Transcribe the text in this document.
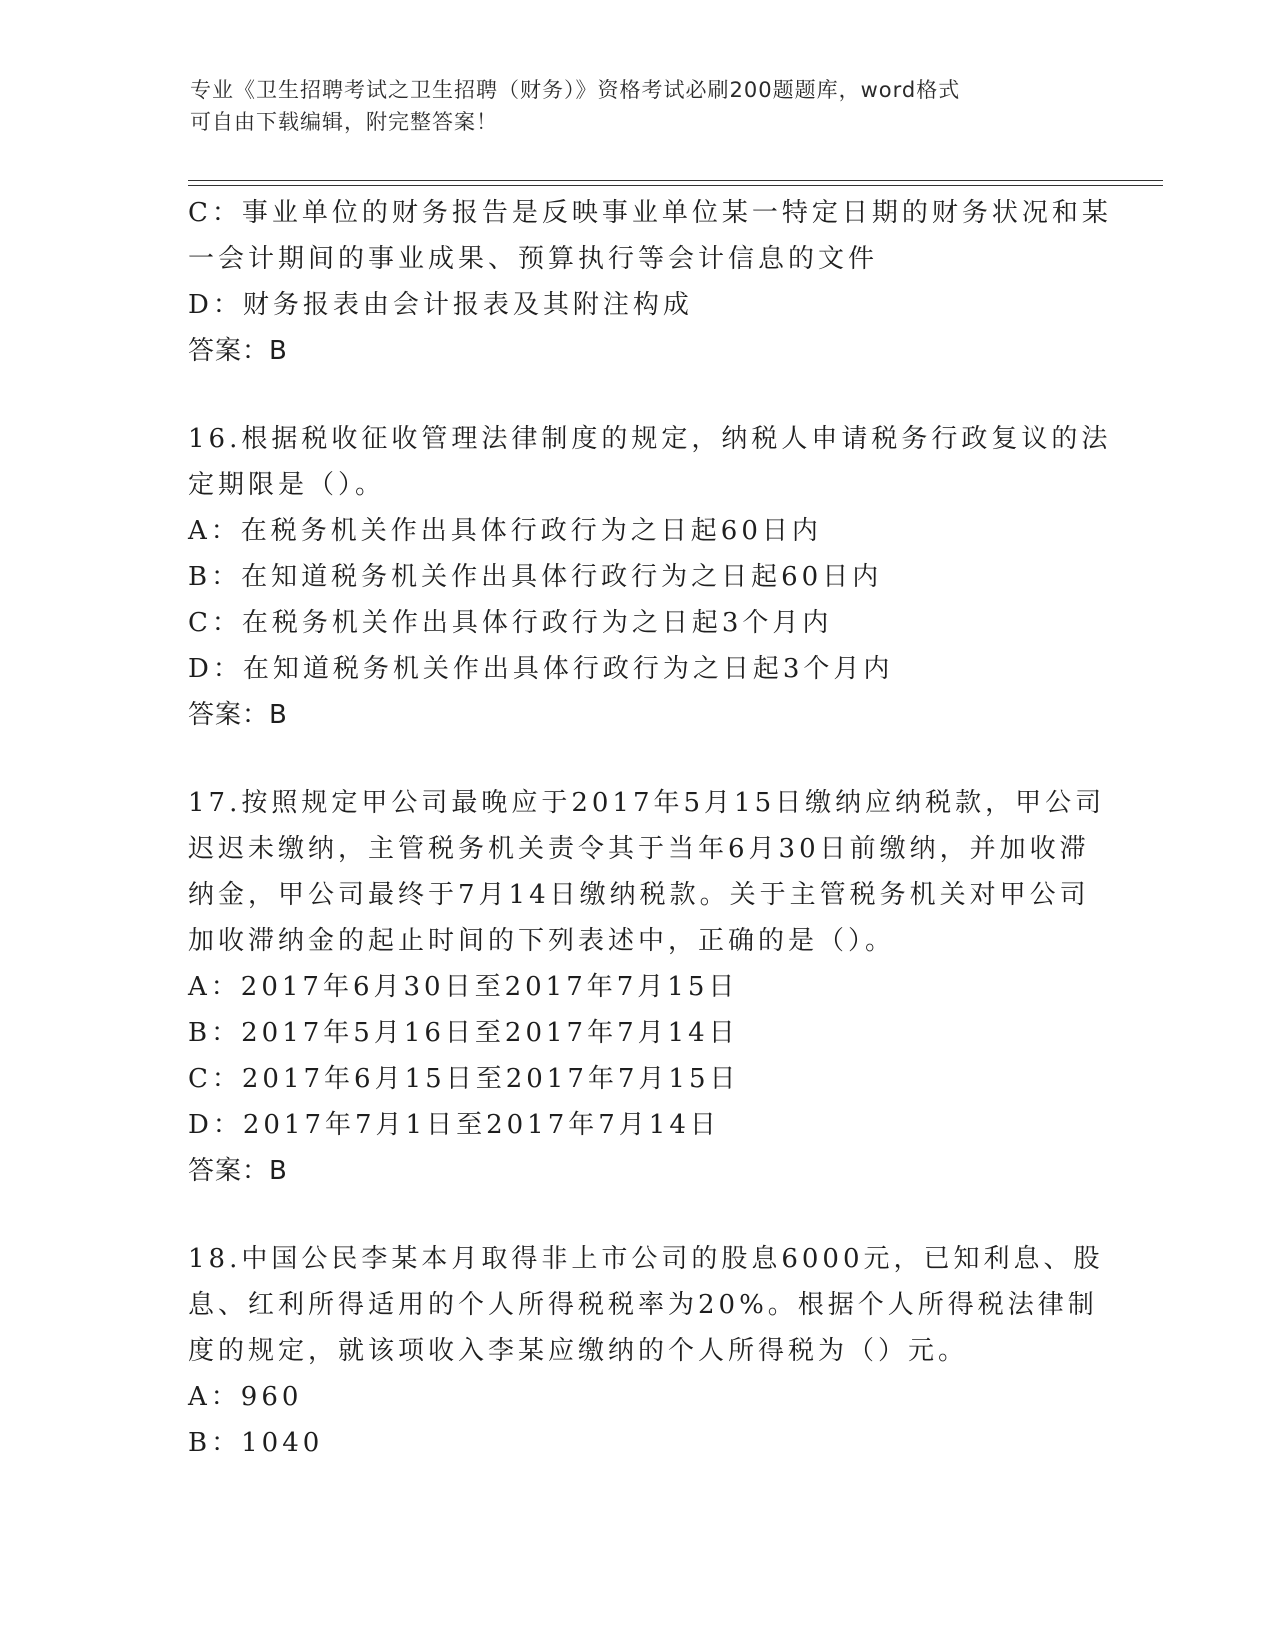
专业《卫生招聘考试之卫生招聘（财务）》资格考试必刷200题题库，word格式
可自由下载编辑，附完整答案！

C：事业单位的财务报告是反映事业单位某一特定日期的财务状况和某

一会计期间的事业成果、预算执行等会计信息的文件

D：财务报表由会计报表及其附注构成

答案：B

16.根据税收征收管理法律制度的规定，纳税人申请税务行政复议的法

定期限是（）。

A：在税务机关作出具体行政行为之日起60日内

B：在知道税务机关作出具体行政行为之日起60日内

C：在税务机关作出具体行政行为之日起3个月内

D：在知道税务机关作出具体行政行为之日起3个月内

答案：B

17.按照规定甲公司最晚应于2017年5月15日缴纳应纳税款，甲公司

迟迟未缴纳，主管税务机关责令其于当年6月30日前缴纳，并加收滞

纳金，甲公司最终于7月14日缴纳税款。关于主管税务机关对甲公司

加收滞纳金的起止时间的下列表述中，正确的是（）。

A：2017年6月30日至2017年7月15日

B：2017年5月16日至2017年7月14日

C：2017年6月15日至2017年7月15日

D：2017年7月1日至2017年7月14日

答案：B

18.中国公民李某本月取得非上市公司的股息6000元，已知利息、股

息、红利所得适用的个人所得税税率为20%。根据个人所得税法律制

度的规定，就该项收入李某应缴纳的个人所得税为（）元。

A：960

B：1040
